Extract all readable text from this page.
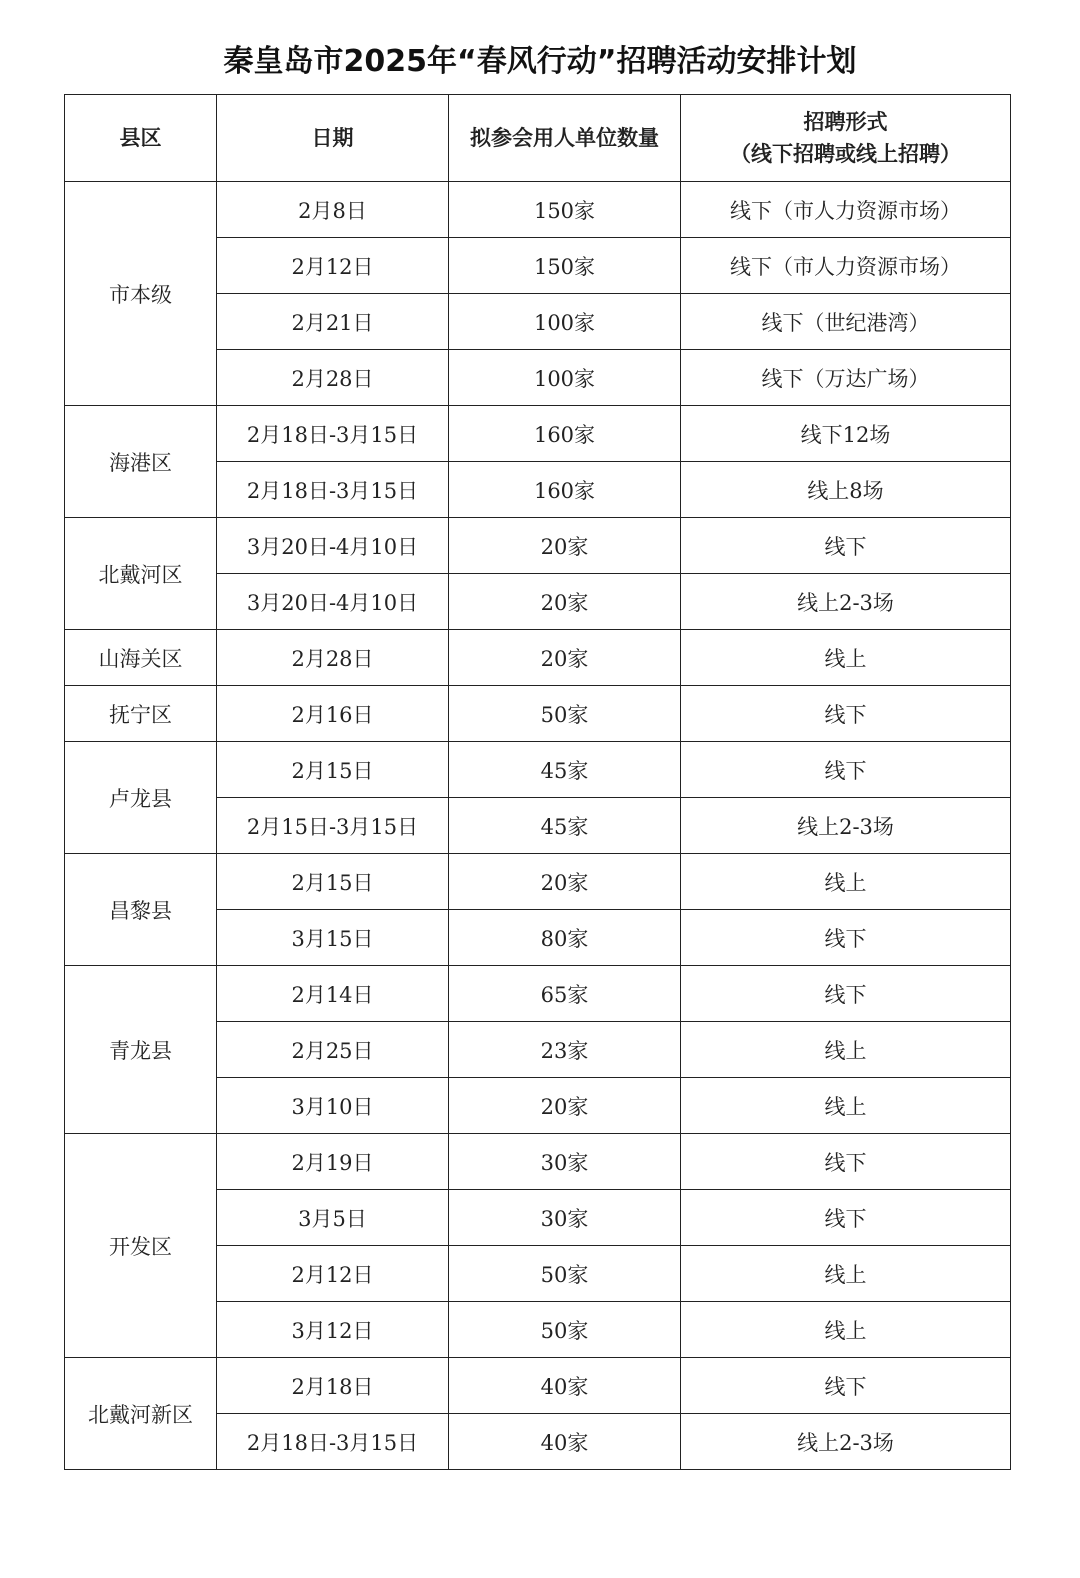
秦皇岛市2025年“春风行动”招聘活动安排计划
县区	日期	拟参会用人单位数量	招聘形式
（线下招聘或线上招聘）

市本级	2月8日	150家	线下（市人力资源市场）
	2月12日	150家	线下（市人力资源市场）
	2月21日	100家	线下（世纪港湾）
	2月28日	100家	线下（万达广场）
海港区	2月18日-3月15日	160家	线下12场
	2月18日-3月15日	160家	线上8场
北戴河区	3月20日-4月10日	20家	线下
	3月20日-4月10日	20家	线上2-3场
山海关区	2月28日	20家	线上
抚宁区	2月16日	50家	线下
卢龙县	2月15日	45家	线下
	2月15日-3月15日	45家	线上2-3场
昌黎县	2月15日	20家	线上
	3月15日	80家	线下
青龙县	2月14日	65家	线下
	2月25日	23家	线上
	3月10日	20家	线上
开发区	2月19日	30家	线下
	3月5日	30家	线下
	2月12日	50家	线上
	3月12日	50家	线上
北戴河新区	2月18日	40家	线下
	2月18日-3月15日	40家	线上2-3场
